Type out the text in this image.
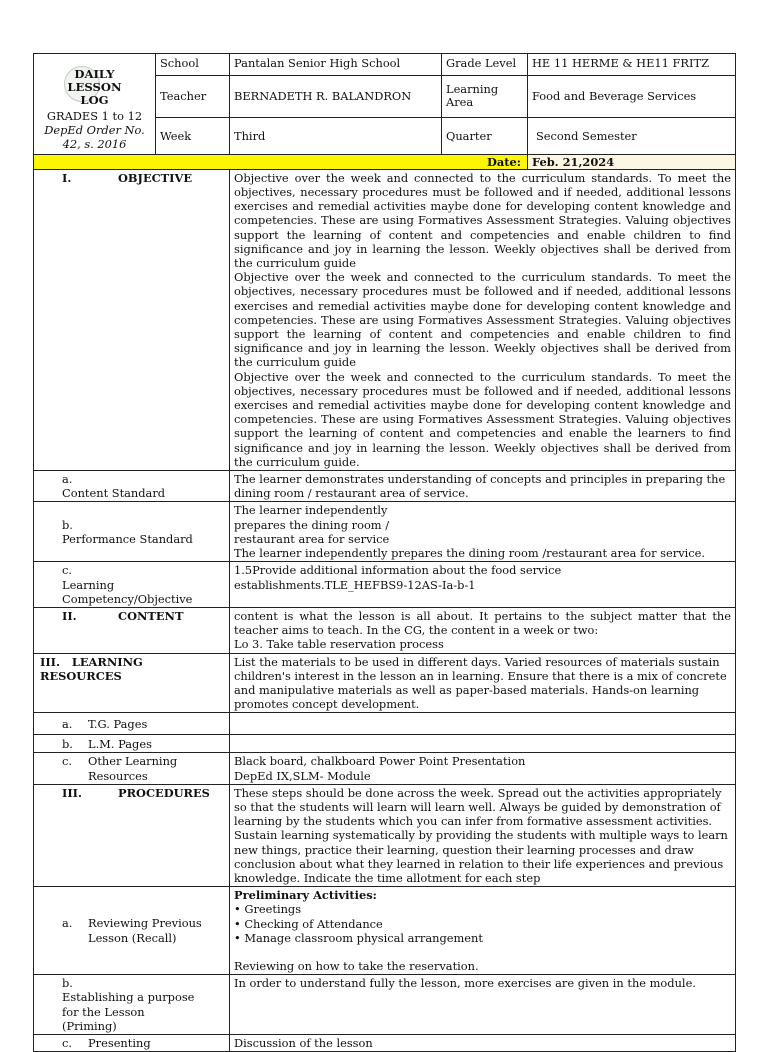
DAILY LESSON LOG
GRADES 1 to 12
DepEd Order No. 42, s. 2016	School	Pantalan Senior High School	Grade Level	HE 11 HERME & HE11 FRITZ
	Teacher	BERNADETH R. BALANDRON	Learning Area	Food and Beverage Services
	Week	Third	Quarter	Second Semester
Date:				Feb. 21,2024
I. OBJECTIVE	Objective over the week and connected to the curriculum standards. To meet the objectives, necessary procedures must be followed and if needed, additional lessons exercises and remedial activities maybe done for developing content knowledge and competencies. These are using Formatives Assessment Strategies. Valuing objectives support the learning of content and competencies and enable children to find significance and joy in learning the lesson. Weekly objectives shall be derived from the curriculum guide
Objective over the week and connected to the curriculum standards. To meet the objectives, necessary procedures must be followed and if needed, additional lessons exercises and remedial activities maybe done for developing content knowledge and competencies. These are using Formatives Assessment Strategies. Valuing objectives support the learning of content and competencies and enable children to find significance and joy in learning the lesson. Weekly objectives shall be derived from the curriculum guide
Objective over the week and connected to the curriculum standards. To meet the objectives, necessary procedures must be followed and if needed, additional lessons exercises and remedial activities maybe done for developing content knowledge and competencies. These are using Formatives Assessment Strategies. Valuing objectives support the learning of content and competencies and enable the learners to find significance and joy in learning the lesson. Weekly objectives shall be derived from the curriculum guide.

a.Content Standard	The learner demonstrates understanding of concepts and principles in preparing the dining room / restaurant area of service.
b.Performance Standard	The learner independently
prepares the dining room /
restaurant area for service
The learner independently prepares the dining room /restaurant area for service.

c.Learning Competency/Objective	1.5Provide additional information about the food service establishments.TLE_HEFBS9-12AS-Ia-b-1
II. CONTENT	content is what the lesson is all about. It pertains to the subject matter that the teacher aims to teach. In the CG, the content in a week or two:
Lo 3. Take table reservation process

III.   LEARNING RESOURCES	List the materials to be used in different days. Varied resources of materials sustain children's interest in the lesson an in learning. Ensure that there is a mix of concrete and manipulative materials as well as paper-based materials. Hands-on learning promotes concept development.
a. T.G. Pages	
b. L.M. Pages	
c. Other Learning Resources	Black board, chalkboard Power Point Presentation
DepEd IX,SLM- Module

III. PROCEDURES	These steps should be done across the week. Spread out the activities appropriately so that the students will learn will learn well. Always be guided by demonstration of learning by the students which you can infer from formative assessment activities. Sustain learning systematically by providing the students with multiple ways to learn new things, practice their learning, question their learning processes and draw conclusion about what they learned in relation to their life experiences and previous knowledge. Indicate the time allotment for each step
a. Reviewing Previous Lesson (Recall)	Preliminary Activities:
• Greetings
• Checking of Attendance
• Manage classroom physical arrangement
Reviewing on how to take the reservation.

b.Establishing a purpose for the Lesson (Priming)	In order to understand fully the lesson, more exercises are given in the module.
c. Presenting	Discussion of the lesson
